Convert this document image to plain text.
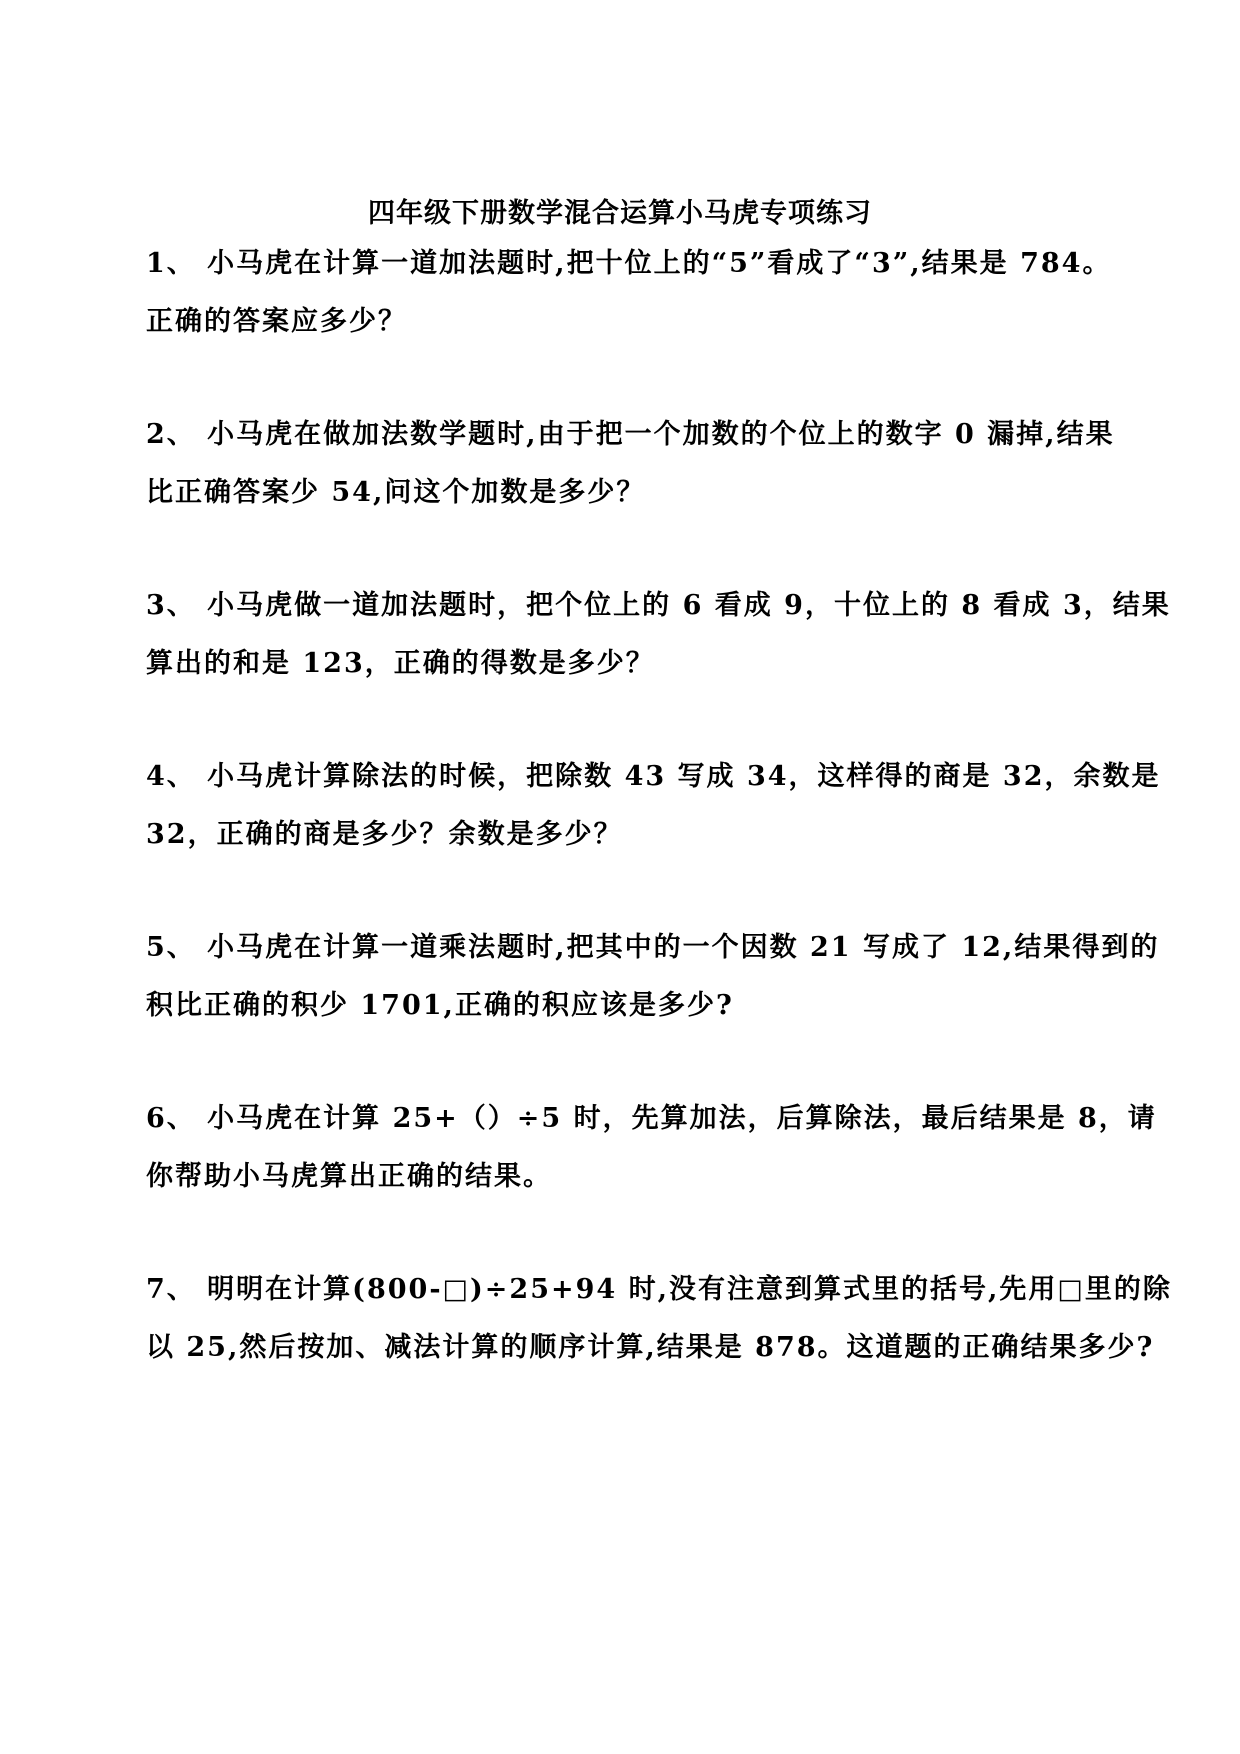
四年级下册数学混合运算小马虎专项练习
1、 小马虎在计算一道加法题时,把十位上的“5”看成了“3”,结果是 784。
正确的答案应多少？
2、 小马虎在做加法数学题时,由于把一个加数的个位上的数字 0 漏掉,结果
比正确答案少 54,问这个加数是多少？
3、 小马虎做一道加法题时，把个位上的 6 看成 9，十位上的 8 看成 3，结果
算出的和是 123，正确的得数是多少？
4、 小马虎计算除法的时候，把除数 43 写成 34，这样得的商是 32，余数是
32，正确的商是多少？余数是多少？
5、 小马虎在计算一道乘法题时,把其中的一个因数 21 写成了 12,结果得到的
积比正确的积少 1701,正确的积应该是多少?
6、 小马虎在计算 25+（）÷5 时，先算加法，后算除法，最后结果是 8，请
你帮助小马虎算出正确的结果。
7、 明明在计算(800-□)÷25+94 时,没有注意到算式里的括号,先用□里的除
以 25,然后按加、减法计算的顺序计算,结果是 878。这道题的正确结果多少?
